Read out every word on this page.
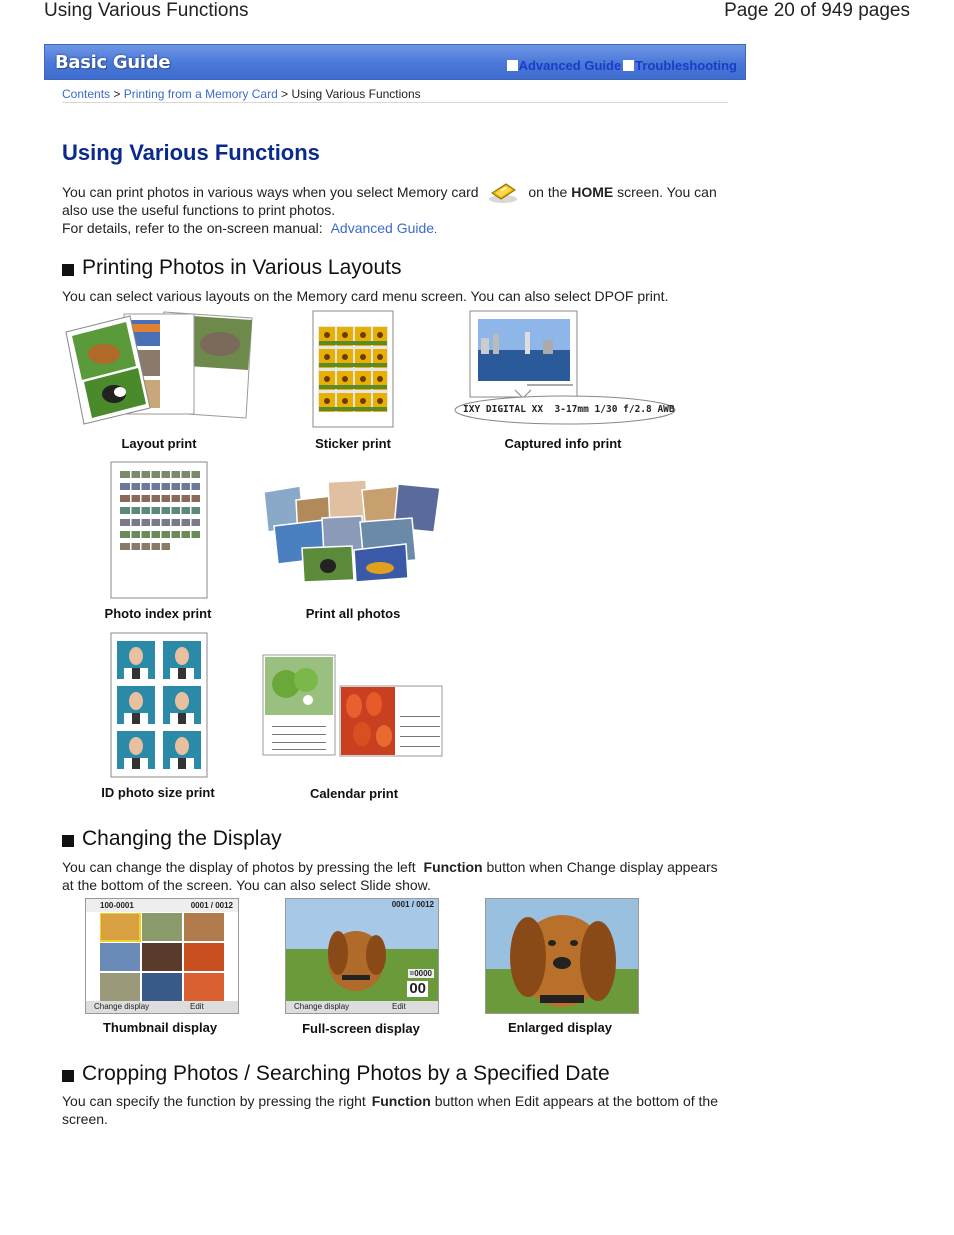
Using Various Functions	Page 20 of 949 pages
Basic Guide	Advanced Guide Troubleshooting
Contents > Printing from a Memory Card > Using Various Functions
Using Various Functions
You can print photos in various ways when you select Memory card	on the HOME screen. You can
also use the useful functions to print photos.
For details, refer to the on-screen manual: Advanced Guide.
Printing Photos in Various Layouts
You can select various layouts on the Memory card menu screen. You can also select DPOF print.
Layout print	Sticker print
IXY DIGITAL XX  3-17mm 1/30 f/2.8 AWB
Captured info print
Photo index print	Print all photos
ID photo size print	Calendar print
Changing the Display
You can change the display of photos by pressing the left Function button when Change display appears
at the bottom of the screen. You can also select Slide show.
100-0001	0001 / 0012
Change display	Edit
Thumbnail display
0001 / 0012
=0000
00
Change display	Edit
Full-screen display	Enlarged display
Cropping Photos / Searching Photos by a Specified Date
You can specify the function by pressing the right Function button when Edit appears at the bottom of the
screen.
